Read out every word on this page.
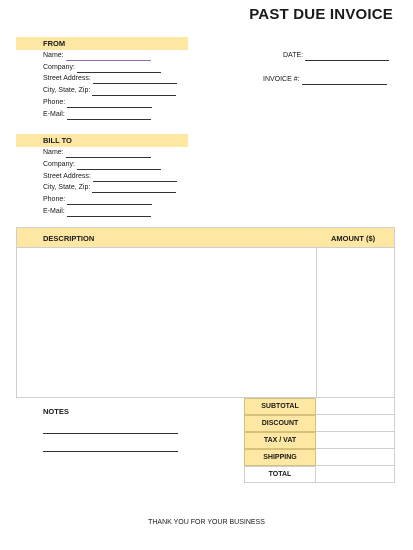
PAST DUE INVOICE
FROM
Name:
Company:
Street Address:
City, State, Zip:
Phone:
E-Mail:
DATE:
INVOICE #:
BILL TO
Name:
Company:
Street Address:
City, State, Zip:
Phone:
E-Mail:
DESCRIPTION	AMOUNT ($)
NOTES
SUBTOTAL
DISCOUNT
TAX / VAT
SHIPPING
TOTAL
THANK YOU FOR YOUR BUSINESS
